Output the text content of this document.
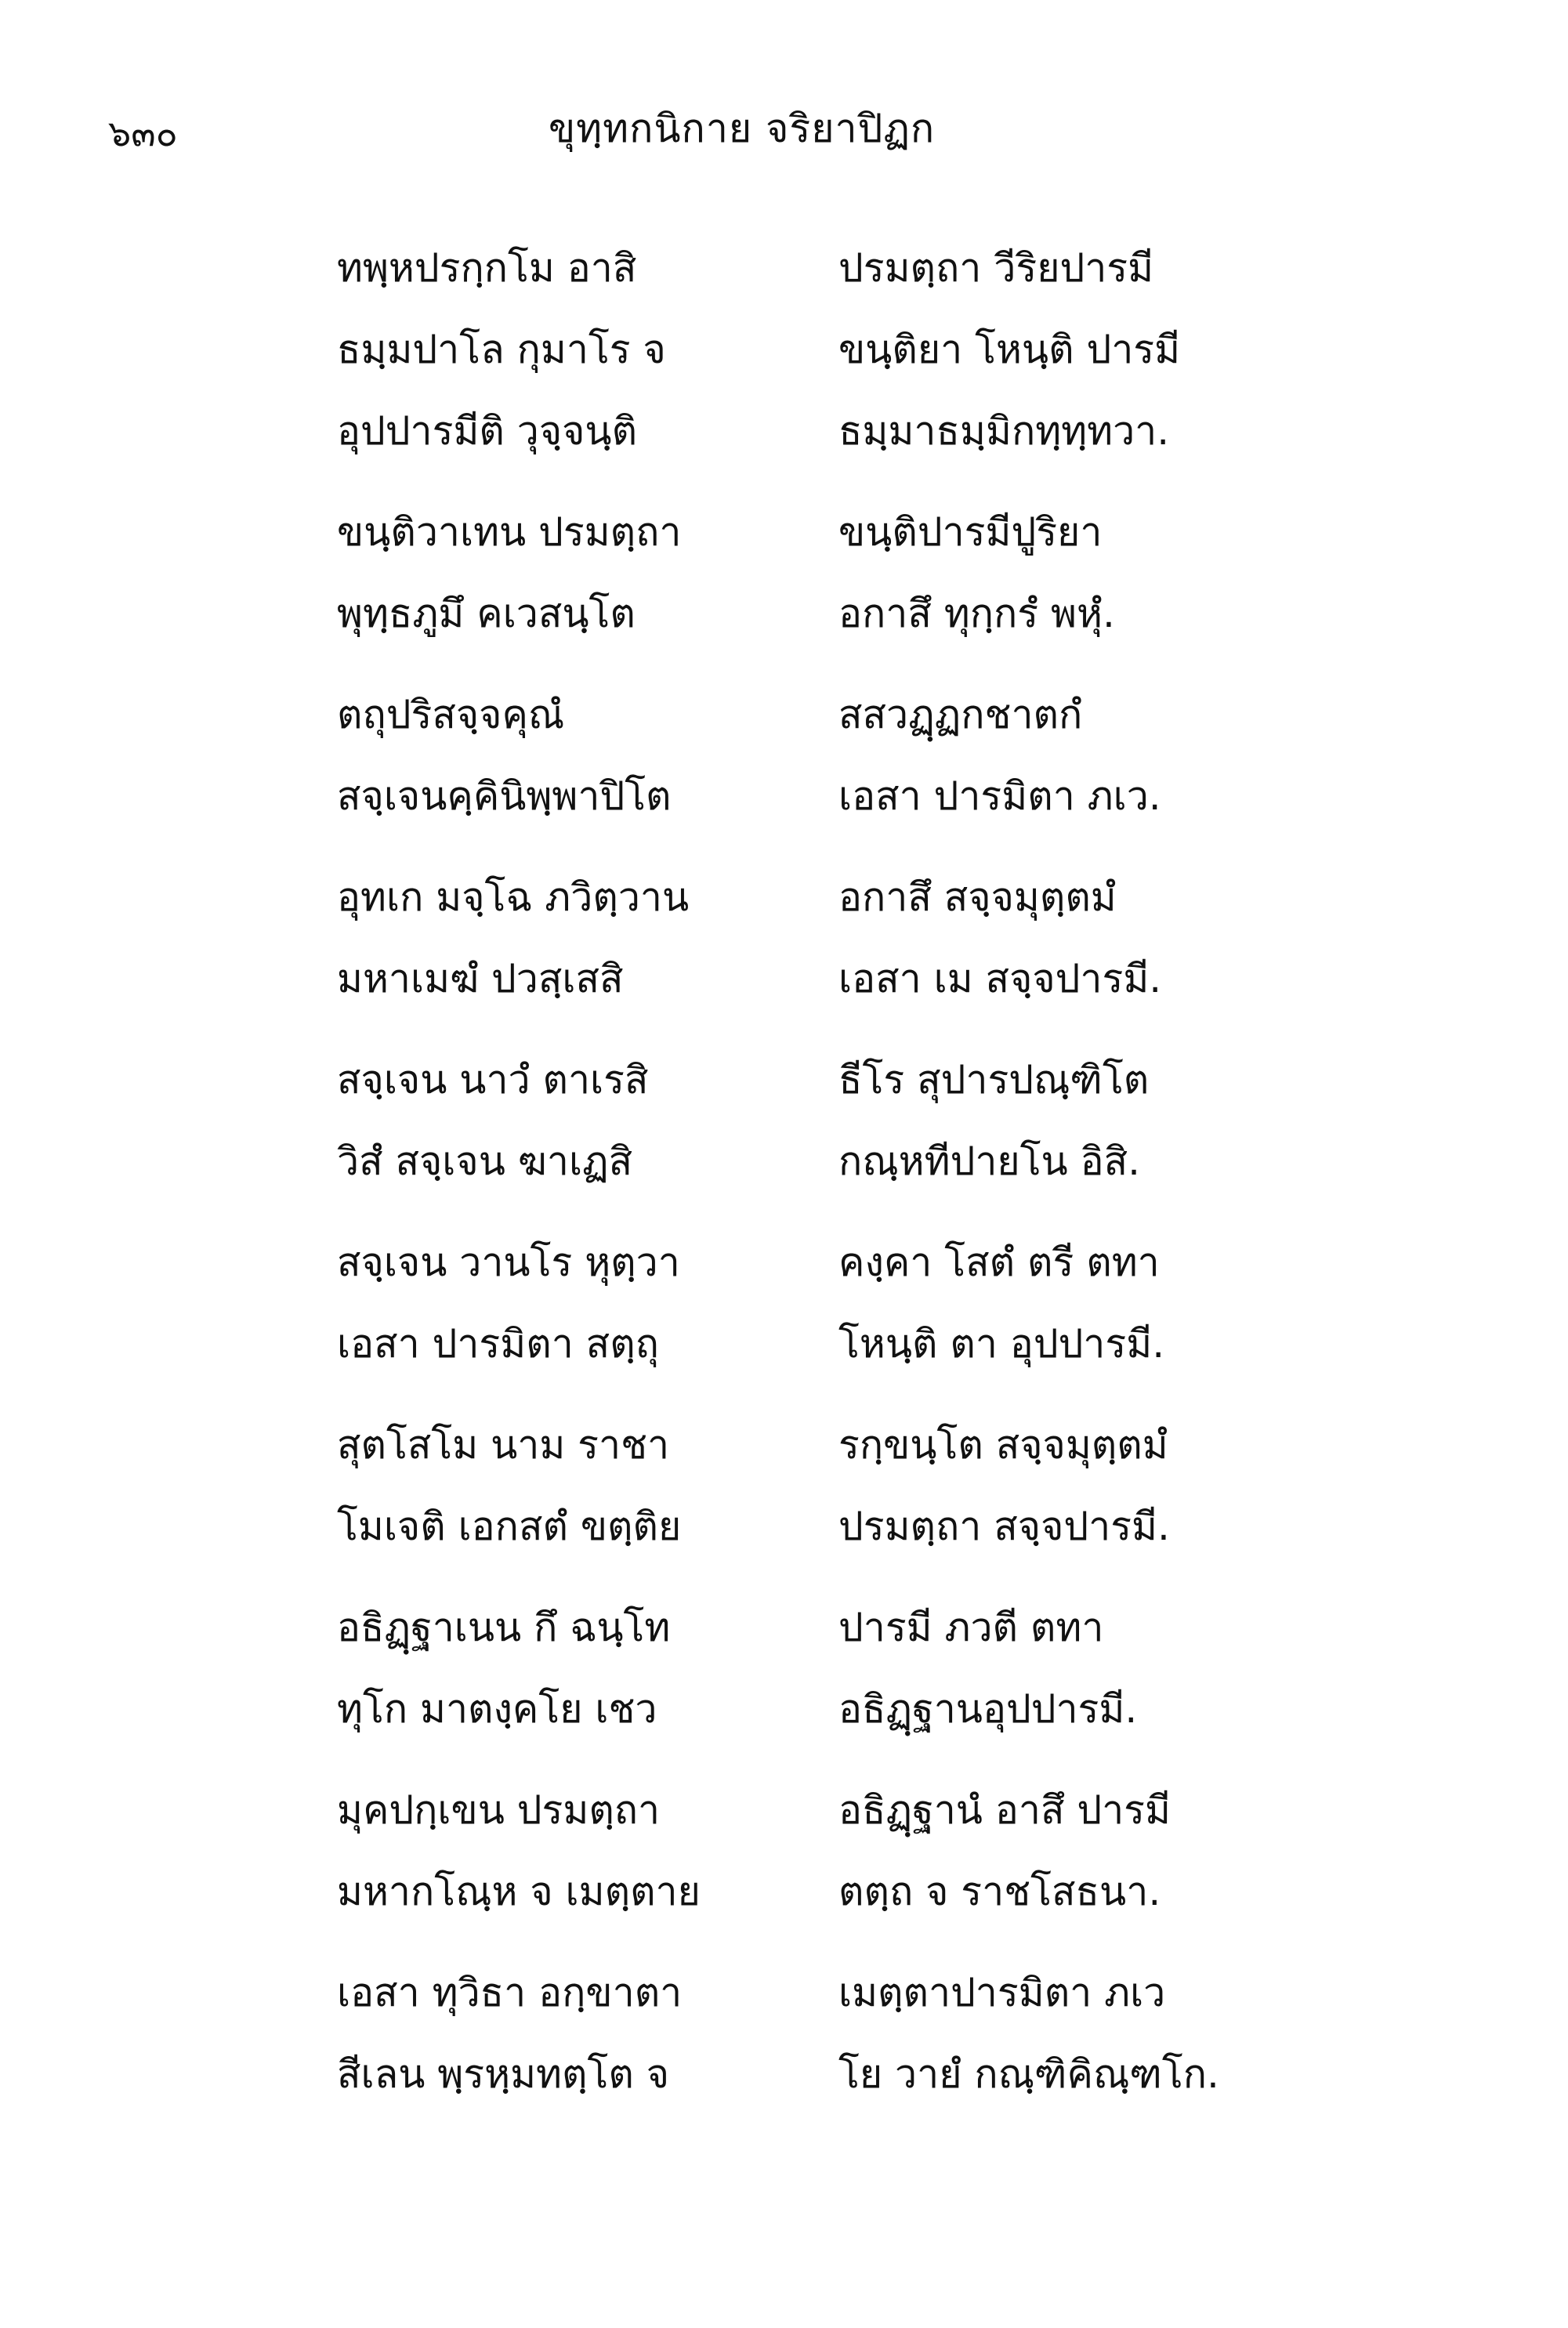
๖๓๐	ขุทฺทกนิกาย จริยาปิฏก
ทพฺหปรกฺกโม อาสิ	ปรมตฺถา วีริยปารมี
ธมฺมปาโล กุมาโร จ	ขนฺติยา โหนฺติ ปารมี
อุปปารมีติ วุจฺจนฺติ	ธมฺมาธมฺมิกทฺทฺทวา.
ขนฺติวาเทน ปรมตฺถา	ขนฺติปารมีปูริยา
พุทฺธภูมึ คเวสนฺโต	อกาสึ ทุกฺกรํ พหุํ.
ตถุปริสจฺจคุณํ	สสวฏฺฏกชาตกํ
สจฺเจนคฺคินิพฺพาปิโต	เอสา ปารมิตา ภเว.
อุทเก มจฺโฉ ภวิตฺวาน	อกาสึ สจฺจมุตฺตมํ
มหาเมฆํ ปวสฺเสสิ	เอสา เม สจฺจปารมี.
สจฺเจน นาวํ ตาเรสิ	ธีโร สุปารปณฺฑิโต
วิสํ สจฺเจน ฆาเฏสิ	กณฺหทีปายโน อิสิ.
สจฺเจน วานโร หุตฺวา	คงฺคา โสตํ ตรี ตทา
เอสา ปารมิตา สตฺถุ	โหนฺติ ตา อุปปารมี.
สุตโสโม นาม ราชา	รกฺขนฺโต สจฺจมุตฺตมํ
โมเจติ เอกสตํ ขตฺติย	ปรมตฺถา สจฺจปารมี.
อธิฏฺฐาเนน กึ ฉนฺโท	ปารมี ภวตี ตทา
ทุโก มาตงฺคโย เชว	อธิฏฺฐานอุปปารมี.
มุคปกฺเขน ปรมตฺถา	อธิฏฺฐานํ อาสึ ปารมี
มหากโณฺห จ เมตฺตาย	ตตฺถ จ ราชโสธนา.
เอสา ทุวิธา อกฺขาตา	เมตฺตาปารมิตา ภเว
สีเลน พฺรหฺมทตฺโต จ	โย วายํ กณฺฑิคิณฺฑโก.
